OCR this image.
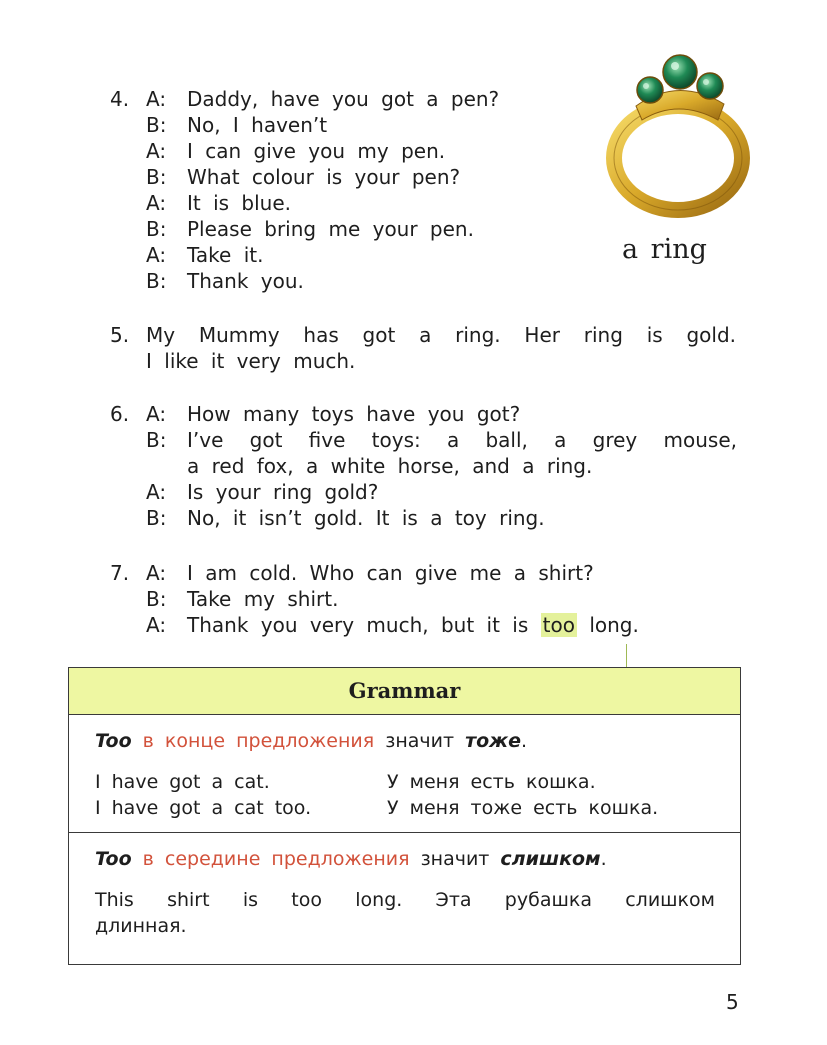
4. A:	Daddy, have you got a pen?
B:	No, I haven’t
A:	I can give you my pen.
B:	What colour is your pen?
A:	It is blue.
B:	Please bring me your pen.
A:	Take it.
B:	Thank you.
a ring
5. My Mummy has got a ring. Her ring is gold.
I like it very much.
6. A:	How many toys have you got?
B:	I’ve got five toys: a ball, a grey mouse,
a red fox, a white horse, and a ring.
A:	Is your ring gold?
B:	No, it isn’t gold. It is a toy ring.
7. A:	I am cold. Who can give me a shirt?
B:	Take my shirt.
A:	Thank you very much, but it is too long.
Grammar
Too в конце предложения значит тоже.
I have got a cat.	У меня есть кошка.
I have got a cat too.	У меня тоже есть кошка.
Too в середине предложения значит слишком.
This shirt is too long. Эта рубашка слишком
длинная.
5
